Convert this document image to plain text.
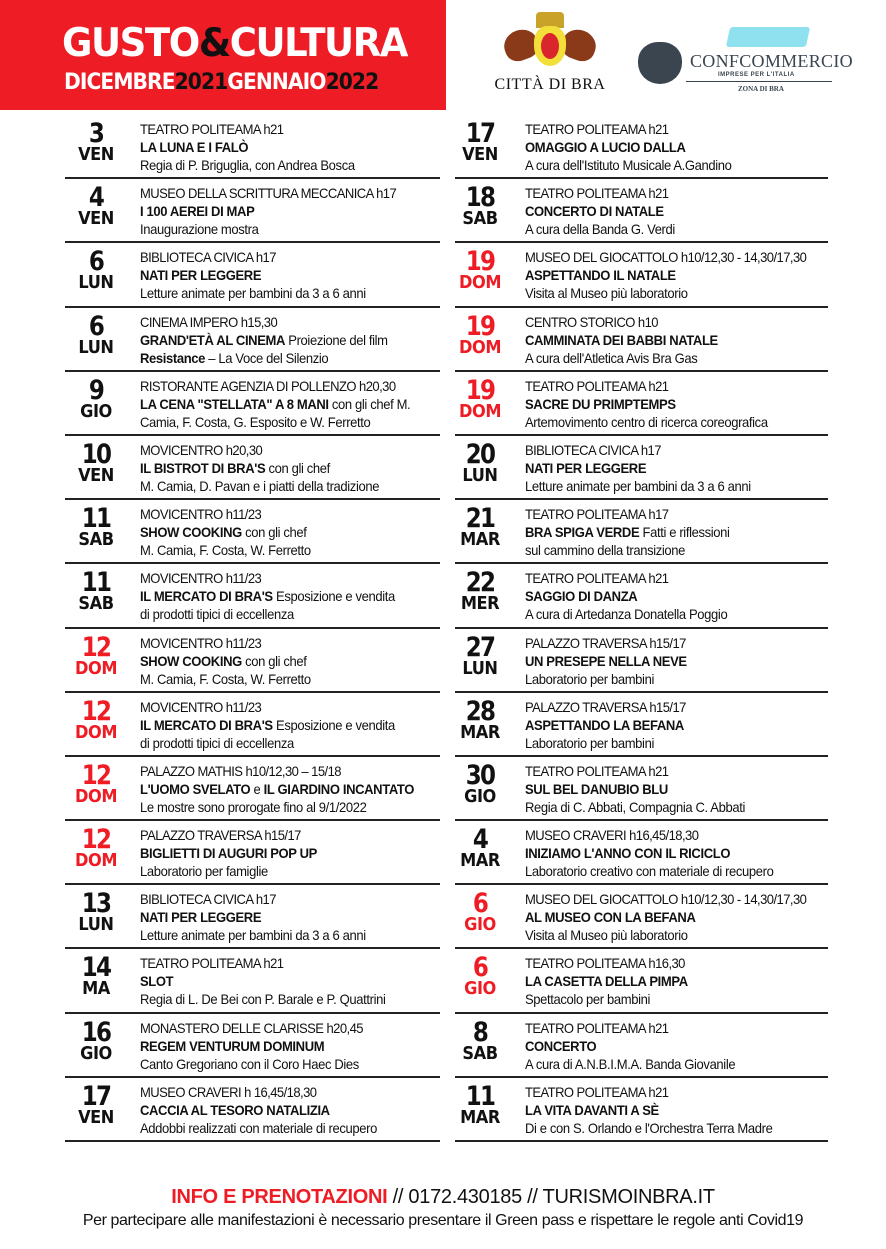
GUSTO&CULTURA
DICEMBRE2021GENNAIO2022	CITTÀ DI BRA
CONFCOMMERCIO
IMPRESE PER L'ITALIA
ZONA DI BRA
3
VEN
TEATRO POLITEAMA h21
LA LUNA E I FALÒ
Regia di P. Briguglia, con Andrea Bosca
4
VEN
MUSEO DELLA SCRITTURA MECCANICA h17
I 100 AEREI DI MAP
Inaugurazione mostra
6
LUN
BIBLIOTECA CIVICA h17
NATI PER LEGGERE
Letture animate per bambini da 3 a 6 anni
6
LUN
CINEMA IMPERO h15,30
GRAND'ETÀ AL CINEMA Proiezione del film
Resistance – La Voce del Silenzio
9
GIO
RISTORANTE AGENZIA DI POLLENZO h20,30
LA CENA "STELLATA" A 8 MANI con gli chef M.
Camia, F. Costa, G. Esposito e W. Ferretto
10
VEN
MOVICENTRO h20,30
IL BISTROT DI BRA'S con gli chef
M. Camia, D. Pavan e i piatti della tradizione
11
SAB
MOVICENTRO h11/23
SHOW COOKING con gli chef
M. Camia, F. Costa, W. Ferretto
11
SAB
MOVICENTRO h11/23
IL MERCATO DI BRA'S Esposizione e vendita
di prodotti tipici di eccellenza
12
DOM
MOVICENTRO h11/23
SHOW COOKING con gli chef
M. Camia, F. Costa, W. Ferretto
12
DOM
MOVICENTRO h11/23
IL MERCATO DI BRA'S Esposizione e vendita
di prodotti tipici di eccellenza
12
DOM
PALAZZO MATHIS h10/12,30 – 15/18
L'UOMO SVELATO e IL GIARDINO INCANTATO
Le mostre sono prorogate fino al 9/1/2022
12
DOM
PALAZZO TRAVERSA h15/17
BIGLIETTI DI AUGURI POP UP
Laboratorio per famiglie
13
LUN
BIBLIOTECA CIVICA h17
NATI PER LEGGERE
Letture animate per bambini da 3 a 6 anni
14
MA
TEATRO POLITEAMA h21
SLOT
Regia di L. De Bei con P. Barale e P. Quattrini
16
GIO
MONASTERO DELLE CLARISSE h20,45
REGEM VENTURUM DOMINUM
Canto Gregoriano con il Coro Haec Dies
17
VEN
MUSEO CRAVERI h 16,45/18,30
CACCIA AL TESORO NATALIZIA
Addobbi realizzati con materiale di recupero
17
VEN
TEATRO POLITEAMA h21
OMAGGIO A LUCIO DALLA
A cura dell'Istituto Musicale A.Gandino
18
SAB
TEATRO POLITEAMA h21
CONCERTO DI NATALE
A cura della Banda G. Verdi
19
DOM
MUSEO DEL GIOCATTOLO h10/12,30 - 14,30/17,30
ASPETTANDO IL NATALE
Visita al Museo più laboratorio
19
DOM
CENTRO STORICO h10
CAMMINATA DEI BABBI NATALE
A cura dell'Atletica Avis Bra Gas
19
DOM
TEATRO POLITEAMA h21
SACRE DU PRIMPTEMPS
Artemovimento centro di ricerca coreografica
20
LUN
BIBLIOTECA CIVICA h17
NATI PER LEGGERE
Letture animate per bambini da 3 a 6 anni
21
MAR
TEATRO POLITEAMA h17
BRA SPIGA VERDE Fatti e riflessioni
sul cammino della transizione
22
MER
TEATRO POLITEAMA h21
SAGGIO DI DANZA
A cura di Artedanza Donatella Poggio
27
LUN
PALAZZO TRAVERSA h15/17
UN PRESEPE NELLA NEVE
Laboratorio per bambini
28
MAR
PALAZZO TRAVERSA h15/17
ASPETTANDO LA BEFANA
Laboratorio per bambini
30
GIO
TEATRO POLITEAMA h21
SUL BEL DANUBIO BLU
Regia di C. Abbati, Compagnia C. Abbati
4
MAR
MUSEO CRAVERI h16,45/18,30
INIZIAMO L'ANNO CON IL RICICLO
Laboratorio creativo con materiale di recupero
6
GIO
MUSEO DEL GIOCATTOLO h10/12,30 - 14,30/17,30
AL MUSEO CON LA BEFANA
Visita al Museo più laboratorio
6
GIO
TEATRO POLITEAMA h16,30
LA CASETTA DELLA PIMPA
Spettacolo per bambini
8
SAB
TEATRO POLITEAMA h21
CONCERTO
A cura di A.N.B.I.M.A. Banda Giovanile
11
MAR
TEATRO POLITEAMA h21
LA VITA DAVANTI A SÈ
Di e con S. Orlando e l'Orchestra Terra Madre
INFO E PRENOTAZIONI // 0172.430185 // TURISMOINBRA.IT
Per partecipare alle manifestazioni è necessario presentare il Green pass e rispettare le regole anti Covid19
